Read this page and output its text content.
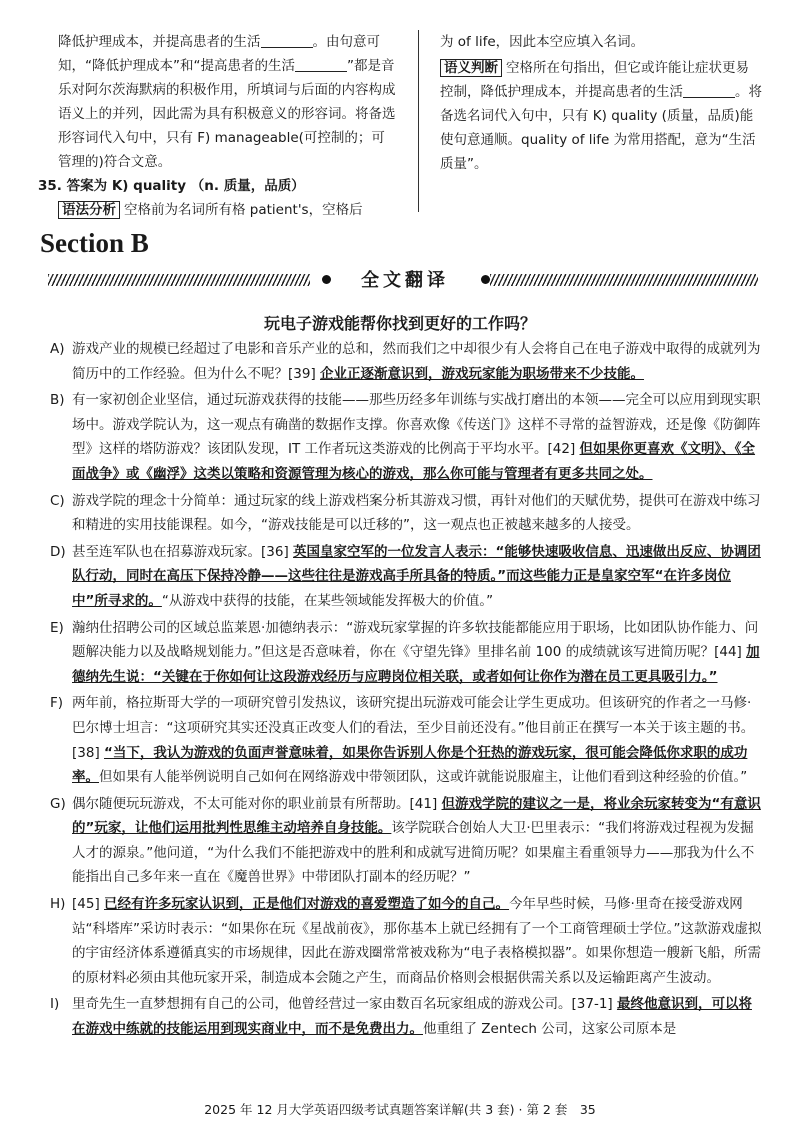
降低护理成本，并提高患者的生活	。由句意可知，“降低护理成本”和“提高患者的生活	”都是音乐对阿尔茨海默病的积极作用，所填词与后面的内容构成语义上的并列，因此需为具有积极意义的形容词。将备选形容词代入句中，只有 F) manageable(可控制的；可管理的)符合文意。

35. 答案为 K) quality （n. 质量，品质）

语法分析 空格前为名词所有格 patient's，空格后

为 of life，因此本空应填入名词。

语义判断 空格所在句指出，但它或许能让症状更易控制，降低护理成本，并提高患者的生活	。将备选名词代入句中，只有 K) quality (质量，品质)能使句意通顺。quality of life 为常用搭配，意为“生活质量”。

Section B
全文翻译
玩电子游戏能帮你找到更好的工作吗？
A) 游戏产业的规模已经超过了电影和音乐产业的总和，然而我们之中却很少有人会将自己在电子游戏中取得的成就列为简历中的工作经验。但为什么不呢？[39] 企业正逐渐意识到，游戏玩家能为职场带来不少技能。
B) 有一家初创企业坚信，通过玩游戏获得的技能——那些历经多年训练与实战打磨出的本领——完全可以应用到现实职场中。游戏学院认为，这一观点有确凿的数据作支撑。你喜欢像《传送门》这样不寻常的益智游戏，还是像《防御阵型》这样的塔防游戏？该团队发现，IT 工作者玩这类游戏的比例高于平均水平。[42] 但如果你更喜欢《文明》、《全面战争》或《幽浮》这类以策略和资源管理为核心的游戏，那么你可能与管理者有更多共同之处。
C) 游戏学院的理念十分简单：通过玩家的线上游戏档案分析其游戏习惯，再针对他们的天赋优势，提供可在游戏中练习和精进的实用技能课程。如今，“游戏技能是可以迁移的”，这一观点也正被越来越多的人接受。
D) 甚至连军队也在招募游戏玩家。[36] 英国皇家空军的一位发言人表示：“能够快速吸收信息、迅速做出反应、协调团队行动，同时在高压下保持冷静——这些往往是游戏高手所具备的特质。”而这些能力正是皇家空军“在许多岗位中”所寻求的。“从游戏中获得的技能，在某些领域能发挥极大的价值。”
E) 瀚纳仕招聘公司的区域总监莱恩·加德纳表示：“游戏玩家掌握的许多软技能都能应用于职场，比如团队协作能力、问题解决能力以及战略规划能力。”但这是否意味着，你在《守望先锋》里排名前 100 的成绩就该写进简历呢？[44] 加德纳先生说：“关键在于你如何让这段游戏经历与应聘岗位相关联，或者如何让你作为潜在员工更具吸引力。”
F) 两年前，格拉斯哥大学的一项研究曾引发热议，该研究提出玩游戏可能会让学生更成功。但该研究的作者之一马修·巴尔博士坦言：“这项研究其实还没真正改变人们的看法，至少目前还没有。”他目前正在撰写一本关于该主题的书。[38] “当下，我认为游戏的负面声誉意味着，如果你告诉别人你是个狂热的游戏玩家，很可能会降低你求职的成功率。但如果有人能举例说明自己如何在网络游戏中带领团队，这或许就能说服雇主，让他们看到这种经验的价值。”
G) 偶尔随便玩玩游戏，不太可能对你的职业前景有所帮助。[41] 但游戏学院的建议之一是，将业余玩家转变为“有意识的”玩家，让他们运用批判性思维主动培养自身技能。该学院联合创始人大卫·巴里表示：“我们将游戏过程视为发掘人才的源泉。”他问道，“为什么我们不能把游戏中的胜利和成就写进简历呢？如果雇主看重领导力——那我为什么不能指出自己多年来一直在《魔兽世界》中带团队打副本的经历呢？”
H) [45] 已经有许多玩家认识到，正是他们对游戏的喜爱塑造了如今的自己。今年早些时候，马修·里奇在接受游戏网站“科塔库”采访时表示：“如果你在玩《星战前夜》，那你基本上就已经拥有了一个工商管理硕士学位。”这款游戏虚拟的宇宙经济体系遵循真实的市场规律，因此在游戏圈常常被戏称为“电子表格模拟器”。如果你想造一艘新飞船，所需的原材料必须由其他玩家开采，制造成本会随之产生，而商品价格则会根据供需关系以及运输距离产生波动。
I) 里奇先生一直梦想拥有自己的公司，他曾经营过一家由数百名玩家组成的游戏公司。[37-1] 最终他意识到，可以将在游戏中练就的技能运用到现实商业中，而不是免费出力。他重组了 Zentech 公司，这家公司原本是
2025 年 12 月大学英语四级考试真题答案详解(共 3 套) · 第 2 套　35
